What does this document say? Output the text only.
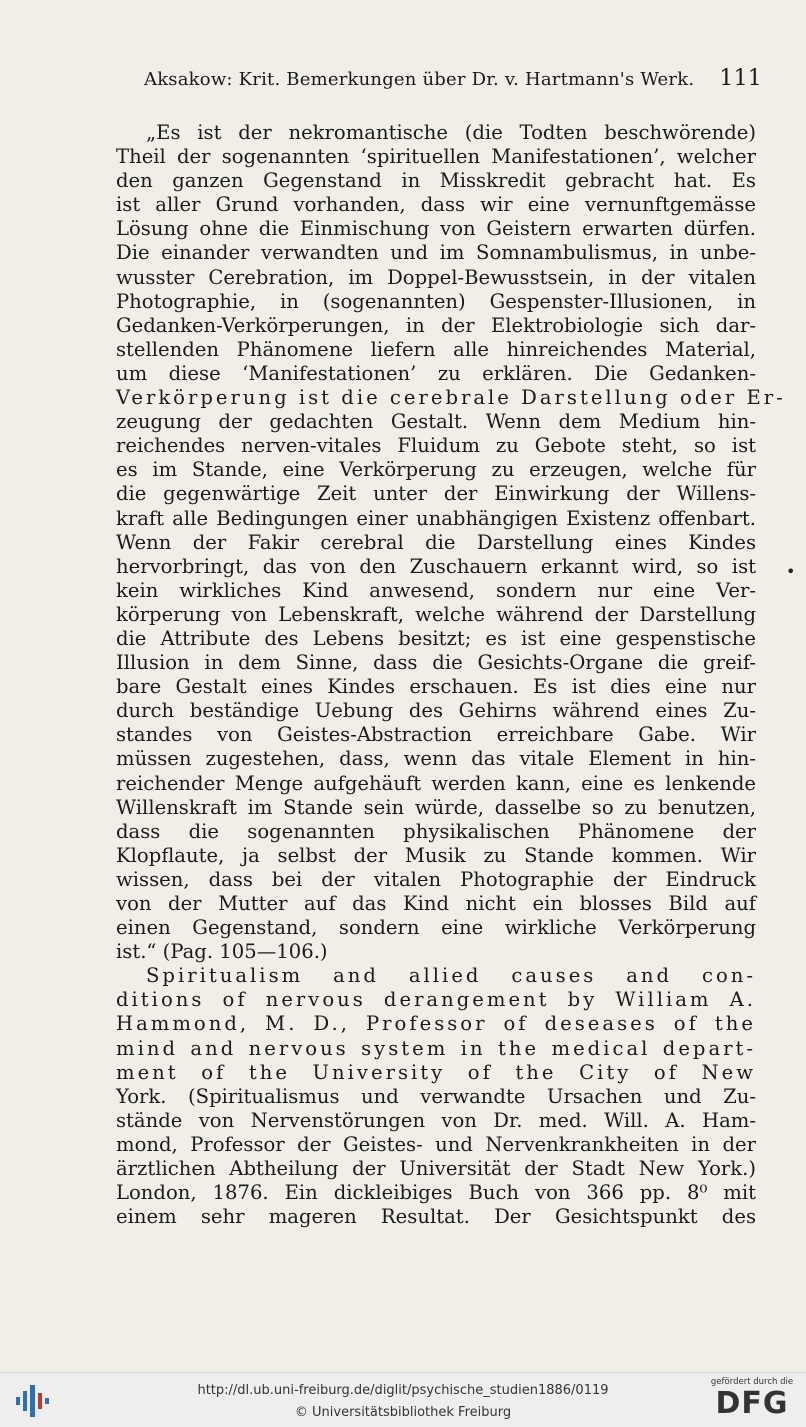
Aksakow: Krit. Bemerkungen über Dr. v. Hartmann's Werk. 111
„Es ist der nekromantische (die Todten beschwörende)
Theil der sogenannten ‘spirituellen Manifestationen’, welcher
den ganzen Gegenstand in Misskredit gebracht hat. Es
ist aller Grund vorhanden, dass wir eine vernunftgemässe
Lösung ohne die Einmischung von Geistern erwarten dürfen.
Die einander verwandten und im Somnambulismus, in unbe-
wusster Cerebration, im Doppel-Bewusstsein, in der vitalen
Photographie, in (sogenannten) Gespenster-Illusionen, in
Gedanken-Verkörperungen, in der Elektrobiologie sich dar-
stellenden Phänomene liefern alle hinreichendes Material,
um diese ‘Manifestationen’ zu erklären. Die Gedanken-
Verkörperung ist die cerebrale Darstellung oder Er-
zeugung der gedachten Gestalt. Wenn dem Medium hin-
reichendes nerven-vitales Fluidum zu Gebote steht, so ist
es im Stande, eine Verkörperung zu erzeugen, welche für
die gegenwärtige Zeit unter der Einwirkung der Willens-
kraft alle Bedingungen einer unabhängigen Existenz offenbart.
Wenn der Fakir cerebral die Darstellung eines Kindes
hervorbringt, das von den Zuschauern erkannt wird, so ist
kein wirkliches Kind anwesend, sondern nur eine Ver-
körperung von Lebenskraft, welche während der Darstellung
die Attribute des Lebens besitzt; es ist eine gespenstische
Illusion in dem Sinne, dass die Gesichts-Organe die greif-
bare Gestalt eines Kindes erschauen. Es ist dies eine nur
durch beständige Uebung des Gehirns während eines Zu-
standes von Geistes-Abstraction erreichbare Gabe. Wir
müssen zugestehen, dass, wenn das vitale Element in hin-
reichender Menge aufgehäuft werden kann, eine es lenkende
Willenskraft im Stande sein würde, dasselbe so zu benutzen,
dass die sogenannten physikalischen Phänomene der
Klopflaute, ja selbst der Musik zu Stande kommen. Wir
wissen, dass bei der vitalen Photographie der Eindruck
von der Mutter auf das Kind nicht ein blosses Bild auf
einen Gegenstand, sondern eine wirkliche Verkörperung
ist.“ (Pag. 105—106.)
Spiritualism and allied causes and con-
ditions of nervous derangement by William A.
Hammond, M. D., Professor of deseases of the
mind and nervous system in the medical depart-
ment of the University of the City of New
York. (Spiritualismus und verwandte Ursachen und Zu-
stände von Nervenstörungen von Dr. med. Will. A. Ham-
mond, Professor der Geistes- und Nervenkrankheiten in der
ärztlichen Abtheilung der Universität der Stadt New York.)
London, 1876. Ein dickleibiges Buch von 366 pp. 8⁰ mit
einem sehr mageren Resultat. Der Gesichtspunkt des
•
http://dl.ub.uni-freiburg.de/diglit/psychische_studien1886/0119
© Universitätsbibliothek Freiburg
gefördert durch die
DFG
